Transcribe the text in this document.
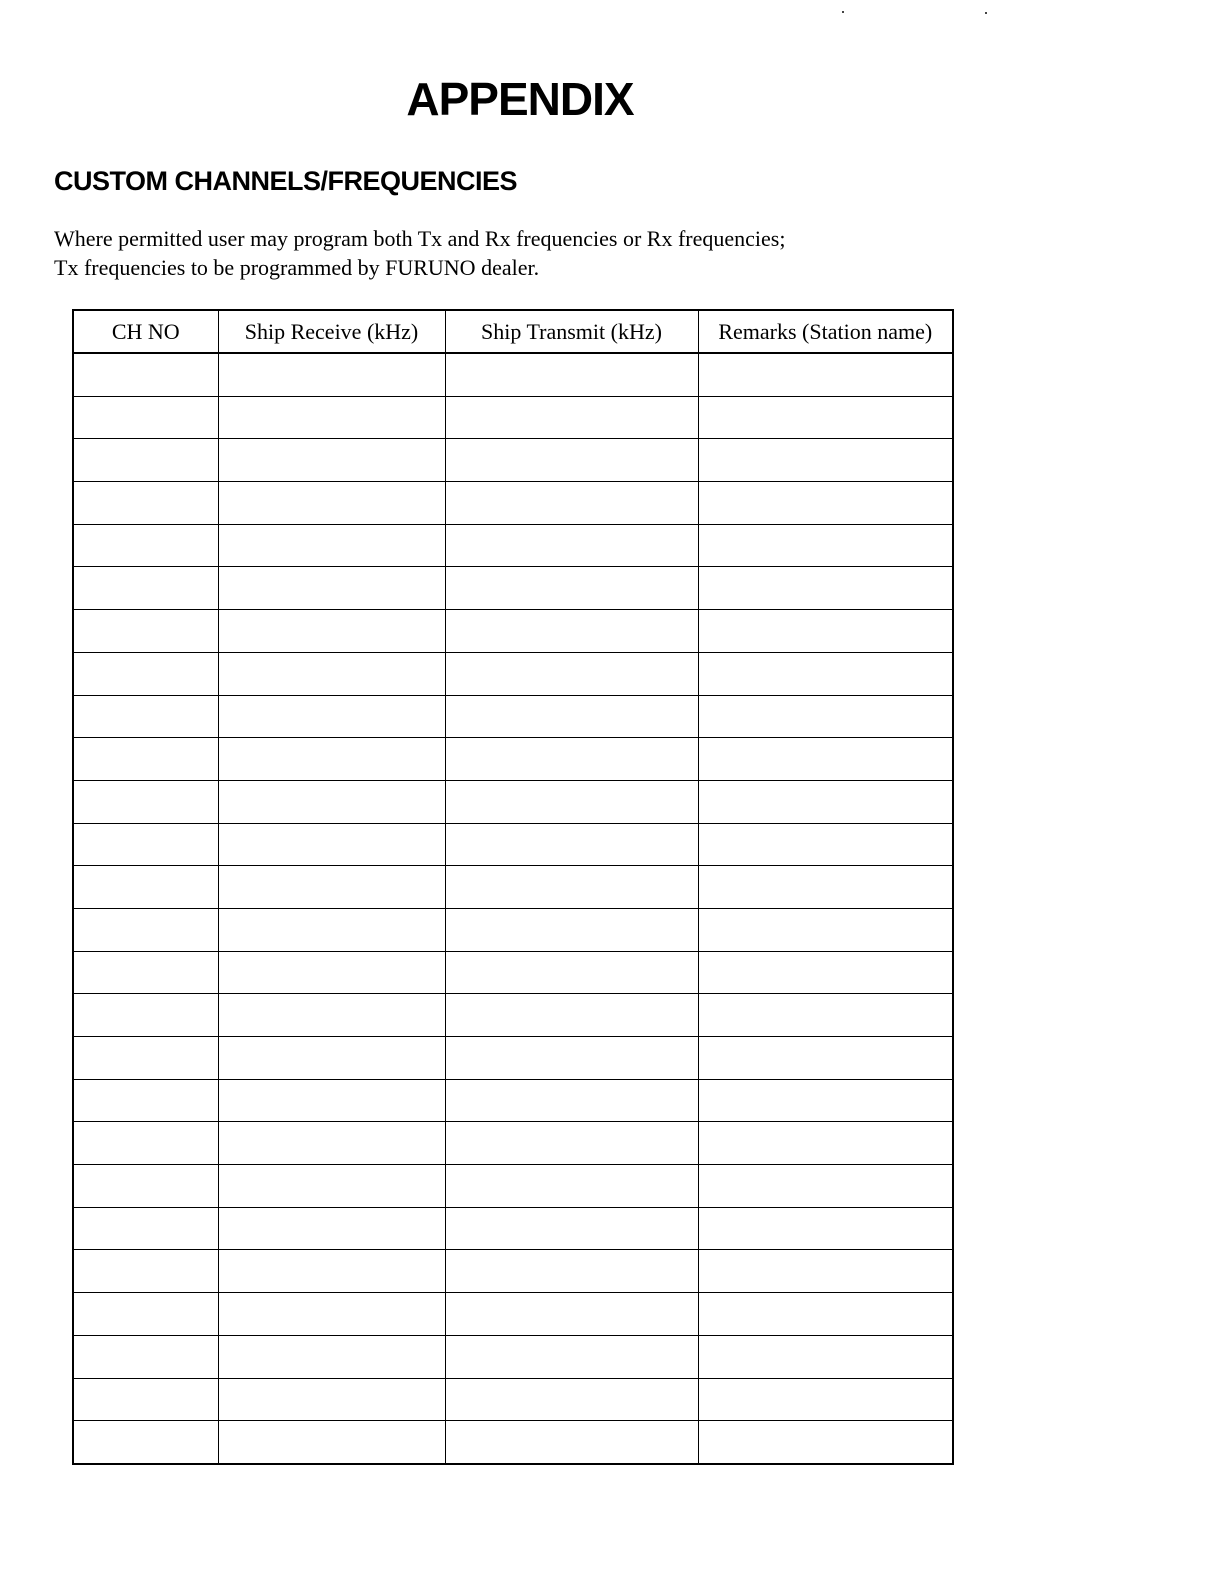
APPENDIX
CUSTOM CHANNELS/FREQUENCIES

Where permitted user may program both Tx and Rx frequencies or Rx frequencies;
Tx frequencies to be programmed by FURUNO dealer.

CH NO	Ship Receive (kHz)	Ship Transmit (kHz)	Remarks (Station name)
